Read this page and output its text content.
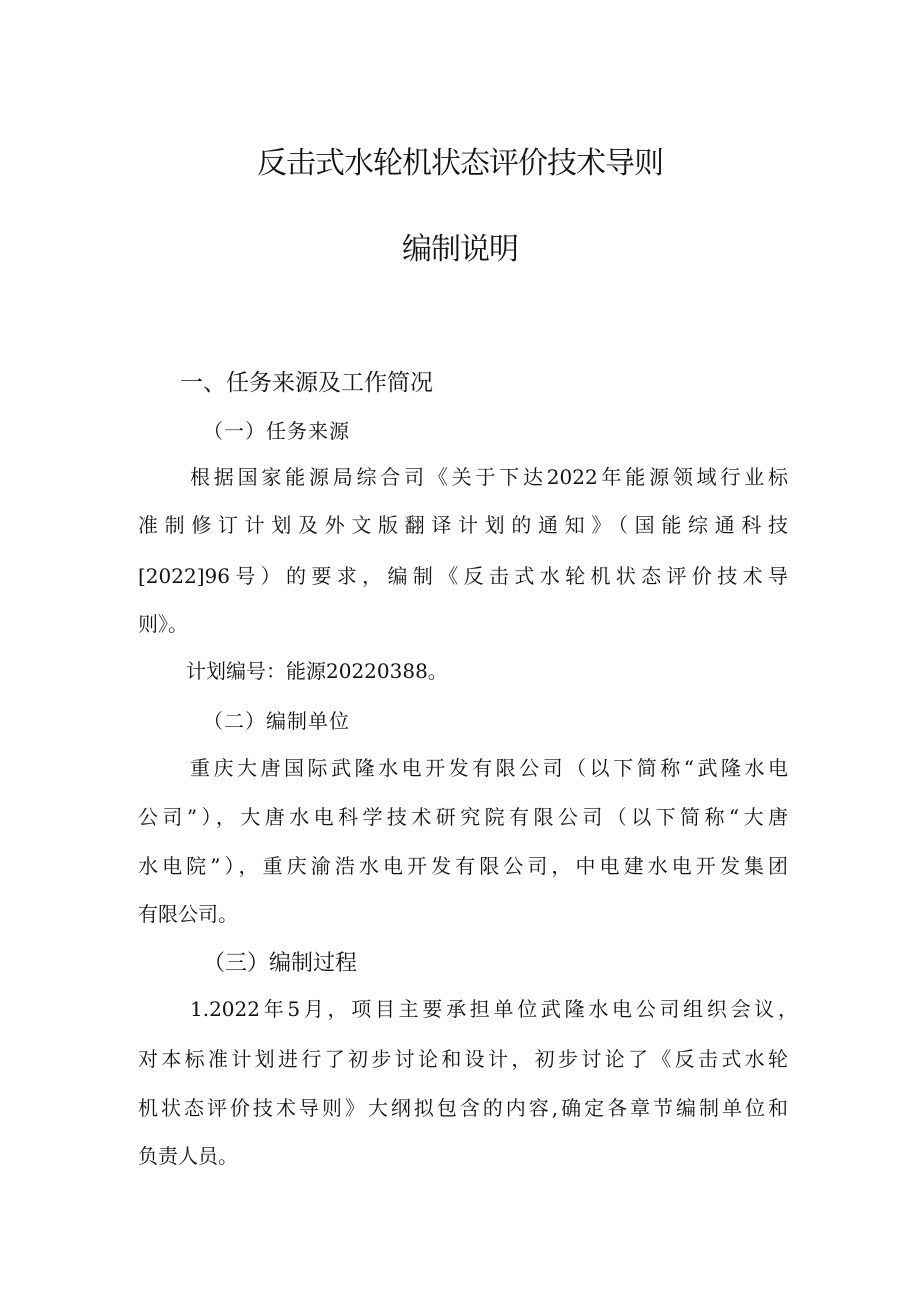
反击式水轮机状态评价技术导则
编制说明
一、任务来源及工作简况
（一）任务来源

根据国家能源局综合司《关于下达2022年能源领域行业标

准制修订计划及外文版翻译计划的通知》（国能综通科技

[2022]96号）的要求，编制《反击式水轮机状态评价技术导

则》。

计划编号：能源20220388。

（二）编制单位

重庆大唐国际武隆水电开发有限公司（以下简称“武隆水电

公司”），大唐水电科学技术研究院有限公司（以下简称“大唐

水电院”），重庆渝浩水电开发有限公司，中电建水电开发集团

有限公司。

（三）编制过程

1.2022年5月，项目主要承担单位武隆水电公司组织会议，

对本标准计划进行了初步讨论和设计，初步讨论了《反击式水轮

机状态评价技术导则》大纲拟包含的内容,确定各章节编制单位和

负责人员。
